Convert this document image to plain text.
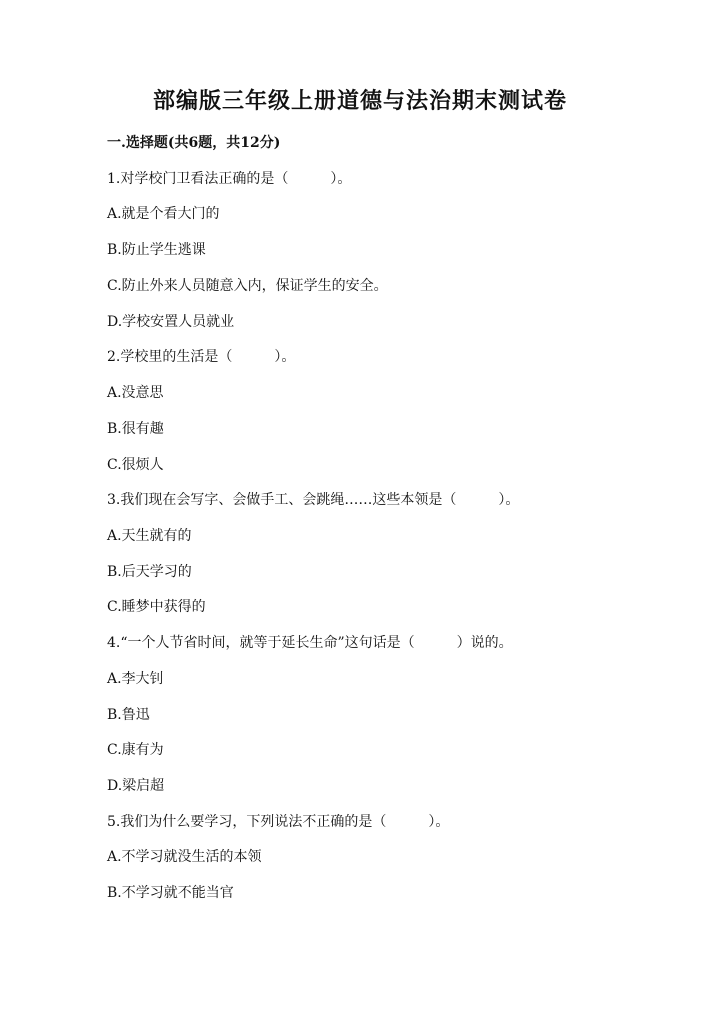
部编版三年级上册道德与法治期末测试卷
一.选择题(共6题，共12分)
1.对学校门卫看法正确的是（　　　）。
A.就是个看大门的
B.防止学生逃课
C.防止外来人员随意入内，保证学生的安全。
D.学校安置人员就业
2.学校里的生活是（　　　）。
A.没意思
B.很有趣
C.很烦人
3.我们现在会写字、会做手工、会跳绳……这些本领是（　　　）。
A.天生就有的
B.后天学习的
C.睡梦中获得的
4.“一个人节省时间，就等于延长生命”这句话是（　　　）说的。
A.李大钊
B.鲁迅
C.康有为
D.梁启超
5.我们为什么要学习，下列说法不正确的是（　　　）。
A.不学习就没生活的本领
B.不学习就不能当官
